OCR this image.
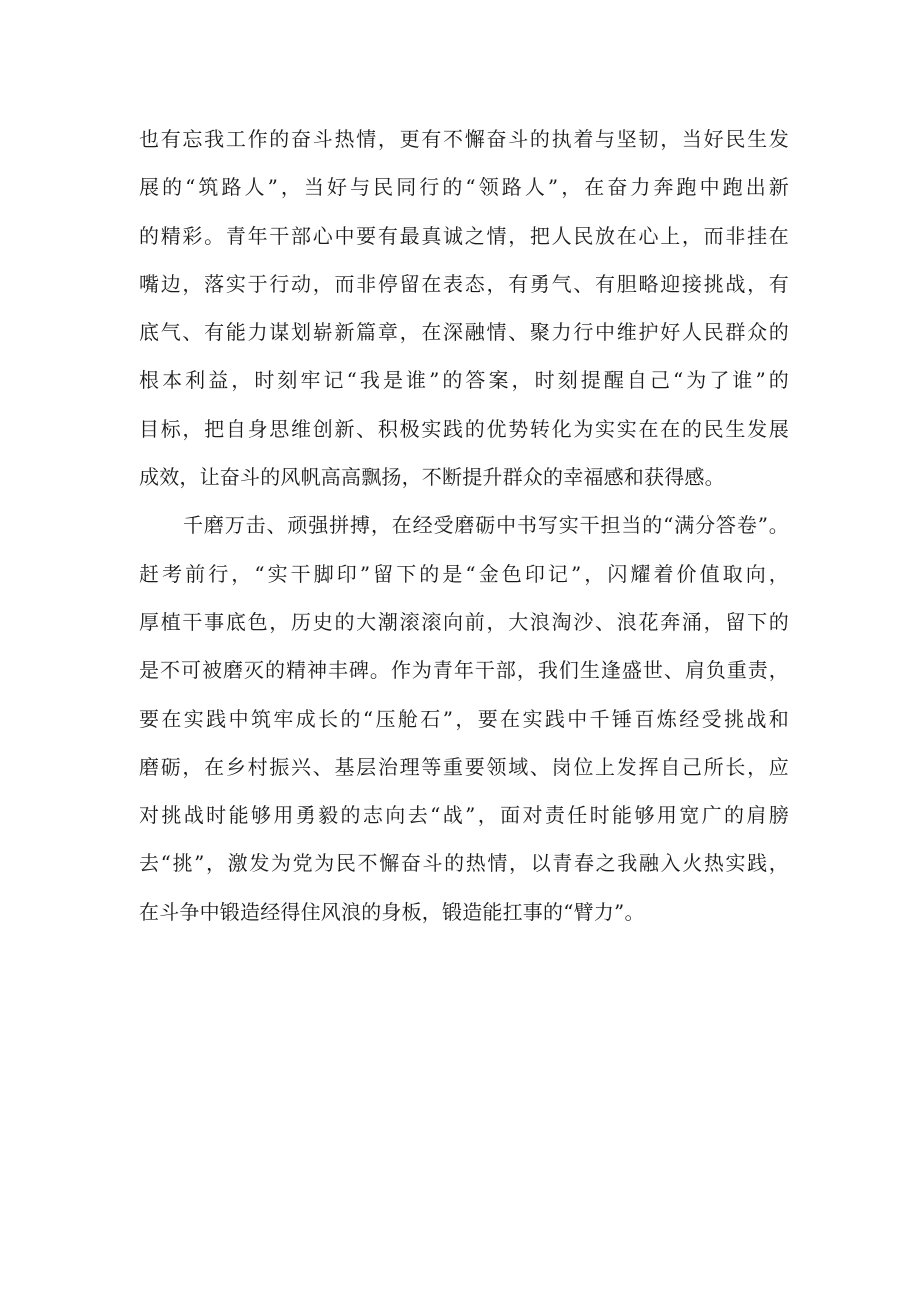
也有忘我工作的奋斗热情，更有不懈奋斗的执着与坚韧，当好民生发
展的“筑路人”，当好与民同行的“领路人”，在奋力奔跑中跑出新
的精彩。青年干部心中要有最真诚之情，把人民放在心上，而非挂在
嘴边，落实于行动，而非停留在表态，有勇气、有胆略迎接挑战，有
底气、有能力谋划崭新篇章，在深融情、聚力行中维护好人民群众的
根本利益，时刻牢记“我是谁”的答案，时刻提醒自己“为了谁”的
目标，把自身思维创新、积极实践的优势转化为实实在在的民生发展
成效，让奋斗的风帆高高飘扬，不断提升群众的幸福感和获得感。
千磨万击、顽强拼搏，在经受磨砺中书写实干担当的“满分答卷”。
赶考前行，“实干脚印”留下的是“金色印记”，闪耀着价值取向，
厚植干事底色，历史的大潮滚滚向前，大浪淘沙、浪花奔涌，留下的
是不可被磨灭的精神丰碑。作为青年干部，我们生逢盛世、肩负重责，
要在实践中筑牢成长的“压舱石”，要在实践中千锤百炼经受挑战和
磨砺，在乡村振兴、基层治理等重要领域、岗位上发挥自己所长，应
对挑战时能够用勇毅的志向去“战”，面对责任时能够用宽广的肩膀
去“挑”，激发为党为民不懈奋斗的热情，以青春之我融入火热实践，
在斗争中锻造经得住风浪的身板，锻造能扛事的“臂力”。
